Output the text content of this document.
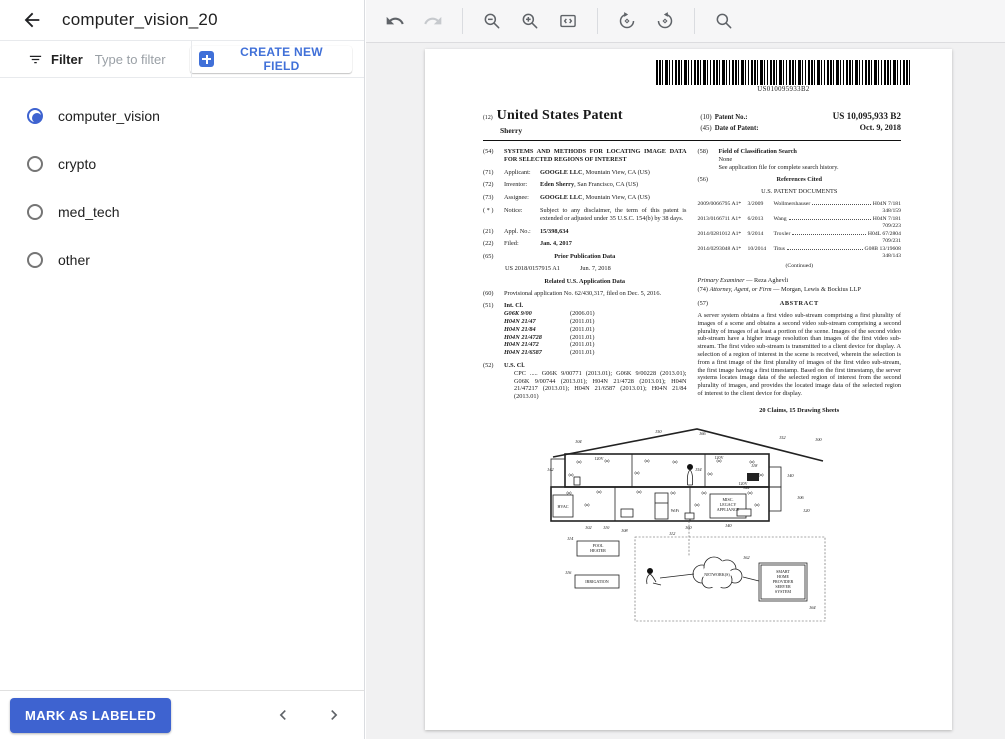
computer_vision_20
Filter
Type to filter	CREATE NEW FIELD
computer_vision
crypto
med_tech
other
MARK AS LABELED
US010095933B2
(12) United States Patent
Sherry
(10) Patent No.:	US 10,095,933 B2
(45) Date of Patent:	Oct. 9, 2018
(54)	SYSTEMS AND METHODS FOR LOCATING IMAGE DATA FOR SELECTED REGIONS OF INTEREST
(71)	Applicant: GOOGLE LLC, Mountain View, CA (US)
(72)	Inventor: Eden Sherry, San Francisco, CA (US)
(73)	Assignee: GOOGLE LLC, Mountain View, CA (US)
( * )	Notice:	Subject to any disclaimer, the term of this patent is extended or adjusted under 35 U.S.C. 154(b) by 38 days.
(21)	Appl. No.: 15/398,634
(22)	Filed:	Jan. 4, 2017
(65)	Prior Publication Data
US 2018/0157915 A1	Jun. 7, 2018
Related U.S. Application Data
(60)	Provisional application No. 62/430,317, filed on Dec. 5, 2016.
(51)	Int. Cl.
G06K 9/00	(2006.01)
H04N 21/47	(2011.01)
H04N 21/84	(2011.01)
H04N 21/4728	(2011.01)
H04N 21/472	(2011.01)
H04N 21/6587	(2011.01)
(52)	U.S. Cl.
CPC ..... G06K 9/00771 (2013.01); G06K 9/00228 (2013.01); G06K 9/00744 (2013.01); H04N 21/4728 (2013.01); H04N 21/47217 (2013.01); H04N 21/6587 (2013.01); H04N 21/84 (2013.01)
(58)	Field of Classification Search
None
See application file for complete search history.
(56)	References Cited
U.S. PATENT DOCUMENTS
2009/0066795 A1*	3/2009	Wollmershauser	H04N 7/181
348/159
2013/0166711 A1*	6/2013	Wang	H04N 7/181
709/223
2014/0281012 A1*	9/2014	Troxler	H04L 67/2804
709/231
2014/0293048 A1*	10/2014	Titus	G08B 13/19608
348/143
(Continued)
Primary Examiner — Reza Aghevli
(74) Attorney, Agent, or Firm — Morgan, Lewis & Bockius LLP
(57)	ABSTRACT
A server system obtains a first video sub-stream comprising a first plurality of images of a scene and obtains a second video sub-stream comprising a second plurality of images of at least a portion of the scene. Images of the second video sub-stream have a higher image resolution than images of the first video sub-stream. The first video sub-stream is transmitted to a client device for display. A selection of a region of interest in the scene is received, wherein the selection is from a first image of the first plurality of images of the first video sub-stream, the first image having a first timestamp. Based on the first timestamp, the server systems locates image data of the selected region of interest from the second plurality of images, and provides the located image data of the selected region of interest to the client device for display.
20 Claims, 15 Drawing Sheets
150	166
104
152	100
142
118
140
122
106
120
154
102	110
108
112
160	140
114
116
162
164
120V	120V
120V
WiFi
HVAC
POOL
HEATER
IRRIGATION
NETWORK(S)
MISC.
LEGACY
APPLIANCE
SMART
HOME
PROVIDER
SERVER
SYSTEM
